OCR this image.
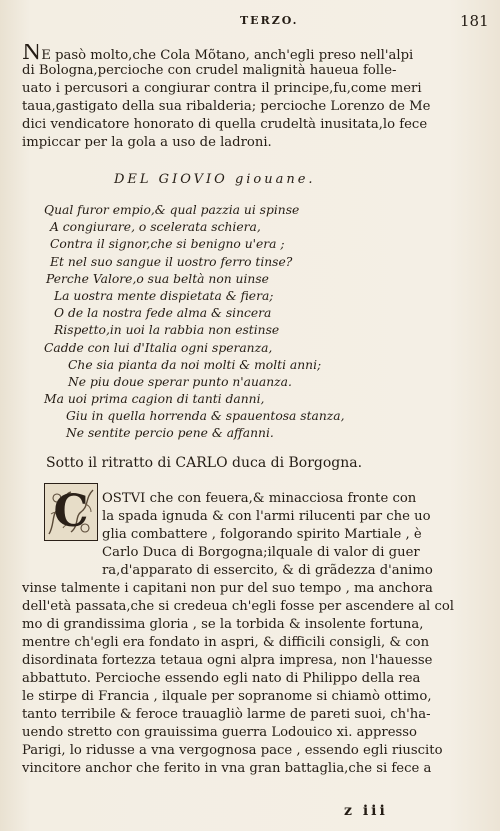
TERZO.	181
NE pasò molto,che Cola Mõtano, anch'egli preso nell'alpi
di Bologna,percioche con crudel malignità haueua folle-
uato i percusori a congiurar contra il principe,fu,come meri
taua,gastigato della sua ribalderia; percioche Lorenzo de Me
dici vendicatore honorato di quella crudeltà inusitata,lo fece
impiccar per la gola a uso de ladroni.
DEL GIOVIO giouane.
Qual furor empio,& qual pazzia ui spinse
A congiurare, o scelerata schiera,
Contra il signor,che si benigno u'era ;
Et nel suo sangue il uostro ferro tinse?
Perche Valore,o sua beltà non uinse
La uostra mente dispietata & fiera;
O de la nostra fede alma & sincera
Rispetto,in uoi la rabbia non estinse
Cadde con lui d'Italia ogni speranza,
Che sia pianta da noi molti & molti anni;
Ne piu doue sperar punto n'auanza.
Ma uoi prima cagion di tanti danni,
Giu in quella horrenda & spauentosa stanza,
Ne sentite percio pene & affanni.
Sotto il ritratto di CARLO duca di Borgogna.
C	OSTVI che con feuera,& minacciosa fronte con
la spada ignuda & con l'armi rilucenti par che uo
glia combattere , folgorando spirito Martiale , è
Carlo Duca di Borgogna;ilquale di valor di guer
ra,d'apparato di essercito, & di grãdezza d'animo
vinse talmente i capitani non pur del suo tempo , ma anchora
dell'età passata,che si credeua ch'egli fosse per ascendere al col
mo di grandissima gloria , se la torbida & insolente fortuna,
mentre ch'egli era fondato in aspri, & difficili consigli, & con
disordinata fortezza tetaua ogni alpra impresa, non l'hauesse
abbattuto. Percioche essendo egli nato di Philippo della rea
le stirpe di Francia , ilquale per sopranome si chiamò ottimo,
tanto terribile & feroce trauagliò larme de pareti suoi, ch'ha-
uendo stretto con grauissima guerra Lodouico xi. appresso
Parigi, lo ridusse a vna vergognosa pace , essendo egli riuscito
vincitore anchor che ferito in vna gran battaglia,che si fece a
z iii
